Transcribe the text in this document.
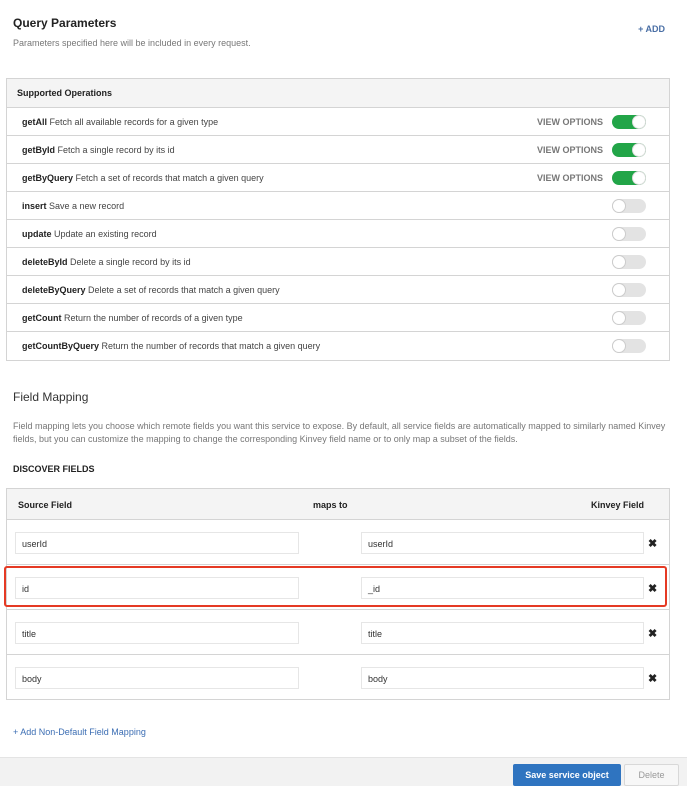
Query Parameters
Parameters specified here will be included in every request.
+ ADD
Supported Operations
getAll Fetch all available records for a given type	VIEW OPTIONS
getById Fetch a single record by its id	VIEW OPTIONS
getByQuery Fetch a set of records that match a given query	VIEW OPTIONS
insert Save a new record
update Update an existing record
deleteById Delete a single record by its id
deleteByQuery Delete a set of records that match a given query
getCount Return the number of records of a given type
getCountByQuery Return the number of records that match a given query
Field Mapping
Field mapping lets you choose which remote fields you want this service to expose. By default, all service fields are automatically mapped to similarly named Kinvey fields, but you can customize the mapping to change the corresponding Kinvey field name or to only map a subset of the fields.
DISCOVER FIELDS
Source Field	maps to	Kinvey Field
userId	userId	✖
id	_id	✖
title	title	✖
body	body	✖
+ Add Non-Default Field Mapping
Save service object	Delete
